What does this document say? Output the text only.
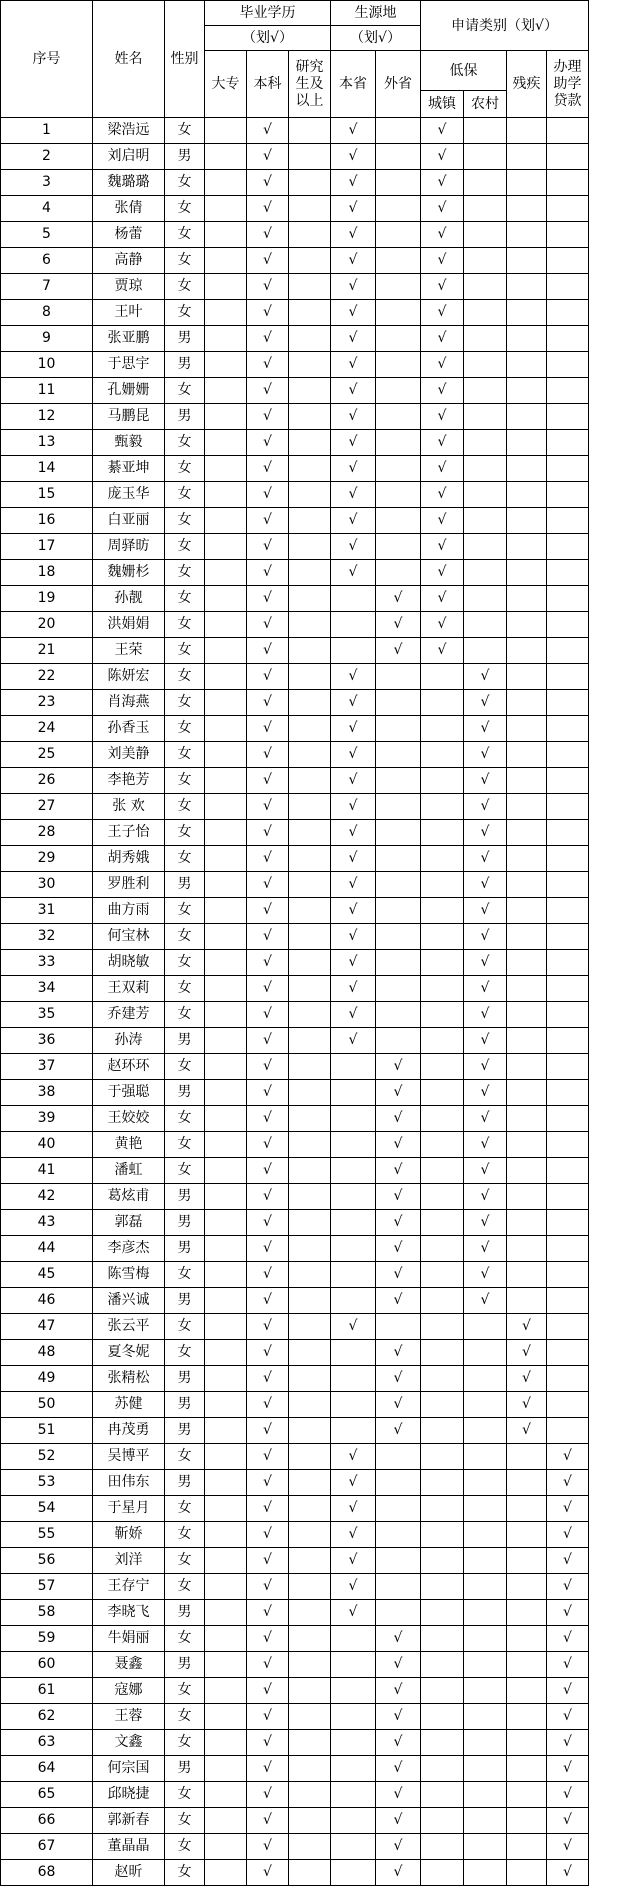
序号	姓名	性别	毕业学历			生源地		申请类别（划√）			
			（划√）			（划√）					
			大专	本科	研究生及以上	本省	外省	低保		残疾	办理助学贷款
								城镇	农村		
1	梁浩远	女		√		√		√			
2	刘启明	男		√		√		√			
3	魏璐璐	女		√		√		√			
4	张倩	女		√		√		√			
5	杨蕾	女		√		√		√			
6	高静	女		√		√		√			
7	贾琼	女		√		√		√			
8	王叶	女		√		√		√			
9	张亚鹏	男		√		√		√			
10	于思宇	男		√		√		√			
11	孔姗姗	女		√		√		√			
12	马鹏昆	男		√		√		√			
13	甄毅	女		√		√		√			
14	綦亚坤	女		√		√		√			
15	庞玉华	女		√		√		√			
16	白亚丽	女		√		√		√			
17	周驿昉	女		√		√		√			
18	魏姗杉	女		√		√		√			
19	孙靓	女		√			√	√			
20	洪娟娟	女		√			√	√			
21	王荣	女		√			√	√			
22	陈妍宏	女		√		√			√		
23	肖海燕	女		√		√			√		
24	孙香玉	女		√		√			√		
25	刘美静	女		√		√			√		
26	李艳芳	女		√		√			√		
27	张 欢	女		√		√			√		
28	王子怡	女		√		√			√		
29	胡秀娥	女		√		√			√		
30	罗胜利	男		√		√			√		
31	曲方雨	女		√		√			√		
32	何宝林	女		√		√			√		
33	胡晓敏	女		√		√			√		
34	王双莉	女		√		√			√		
35	乔建芳	女		√		√			√		
36	孙涛	男		√		√			√		
37	赵环环	女		√			√		√		
38	于强聪	男		√			√		√		
39	王姣姣	女		√			√		√		
40	黄艳	女		√			√		√		
41	潘虹	女		√			√		√		
42	葛炫甫	男		√			√		√		
43	郭磊	男		√			√		√		
44	李彦杰	男		√			√		√		
45	陈雪梅	女		√			√		√		
46	潘兴诚	男		√			√		√		
47	张云平	女		√		√				√	
48	夏冬妮	女		√			√			√	
49	张精松	男		√			√			√	
50	苏健	男		√			√			√	
51	冉茂勇	男		√			√			√	
52	吴博平	女		√		√					√
53	田伟东	男		√		√					√
54	于星月	女		√		√					√
55	靳娇	女		√		√					√
56	刘洋	女		√		√					√
57	王存宁	女		√		√					√
58	李晓飞	男		√		√					√
59	牛娟丽	女		√			√				√
60	聂鑫	男		√			√				√
61	寇娜	女		√			√				√
62	王蓉	女		√			√				√
63	文鑫	女		√			√				√
64	何宗国	男		√			√				√
65	邱晓捷	女		√			√				√
66	郭新春	女		√			√				√
67	董晶晶	女		√			√				√
68	赵昕	女		√			√				√
